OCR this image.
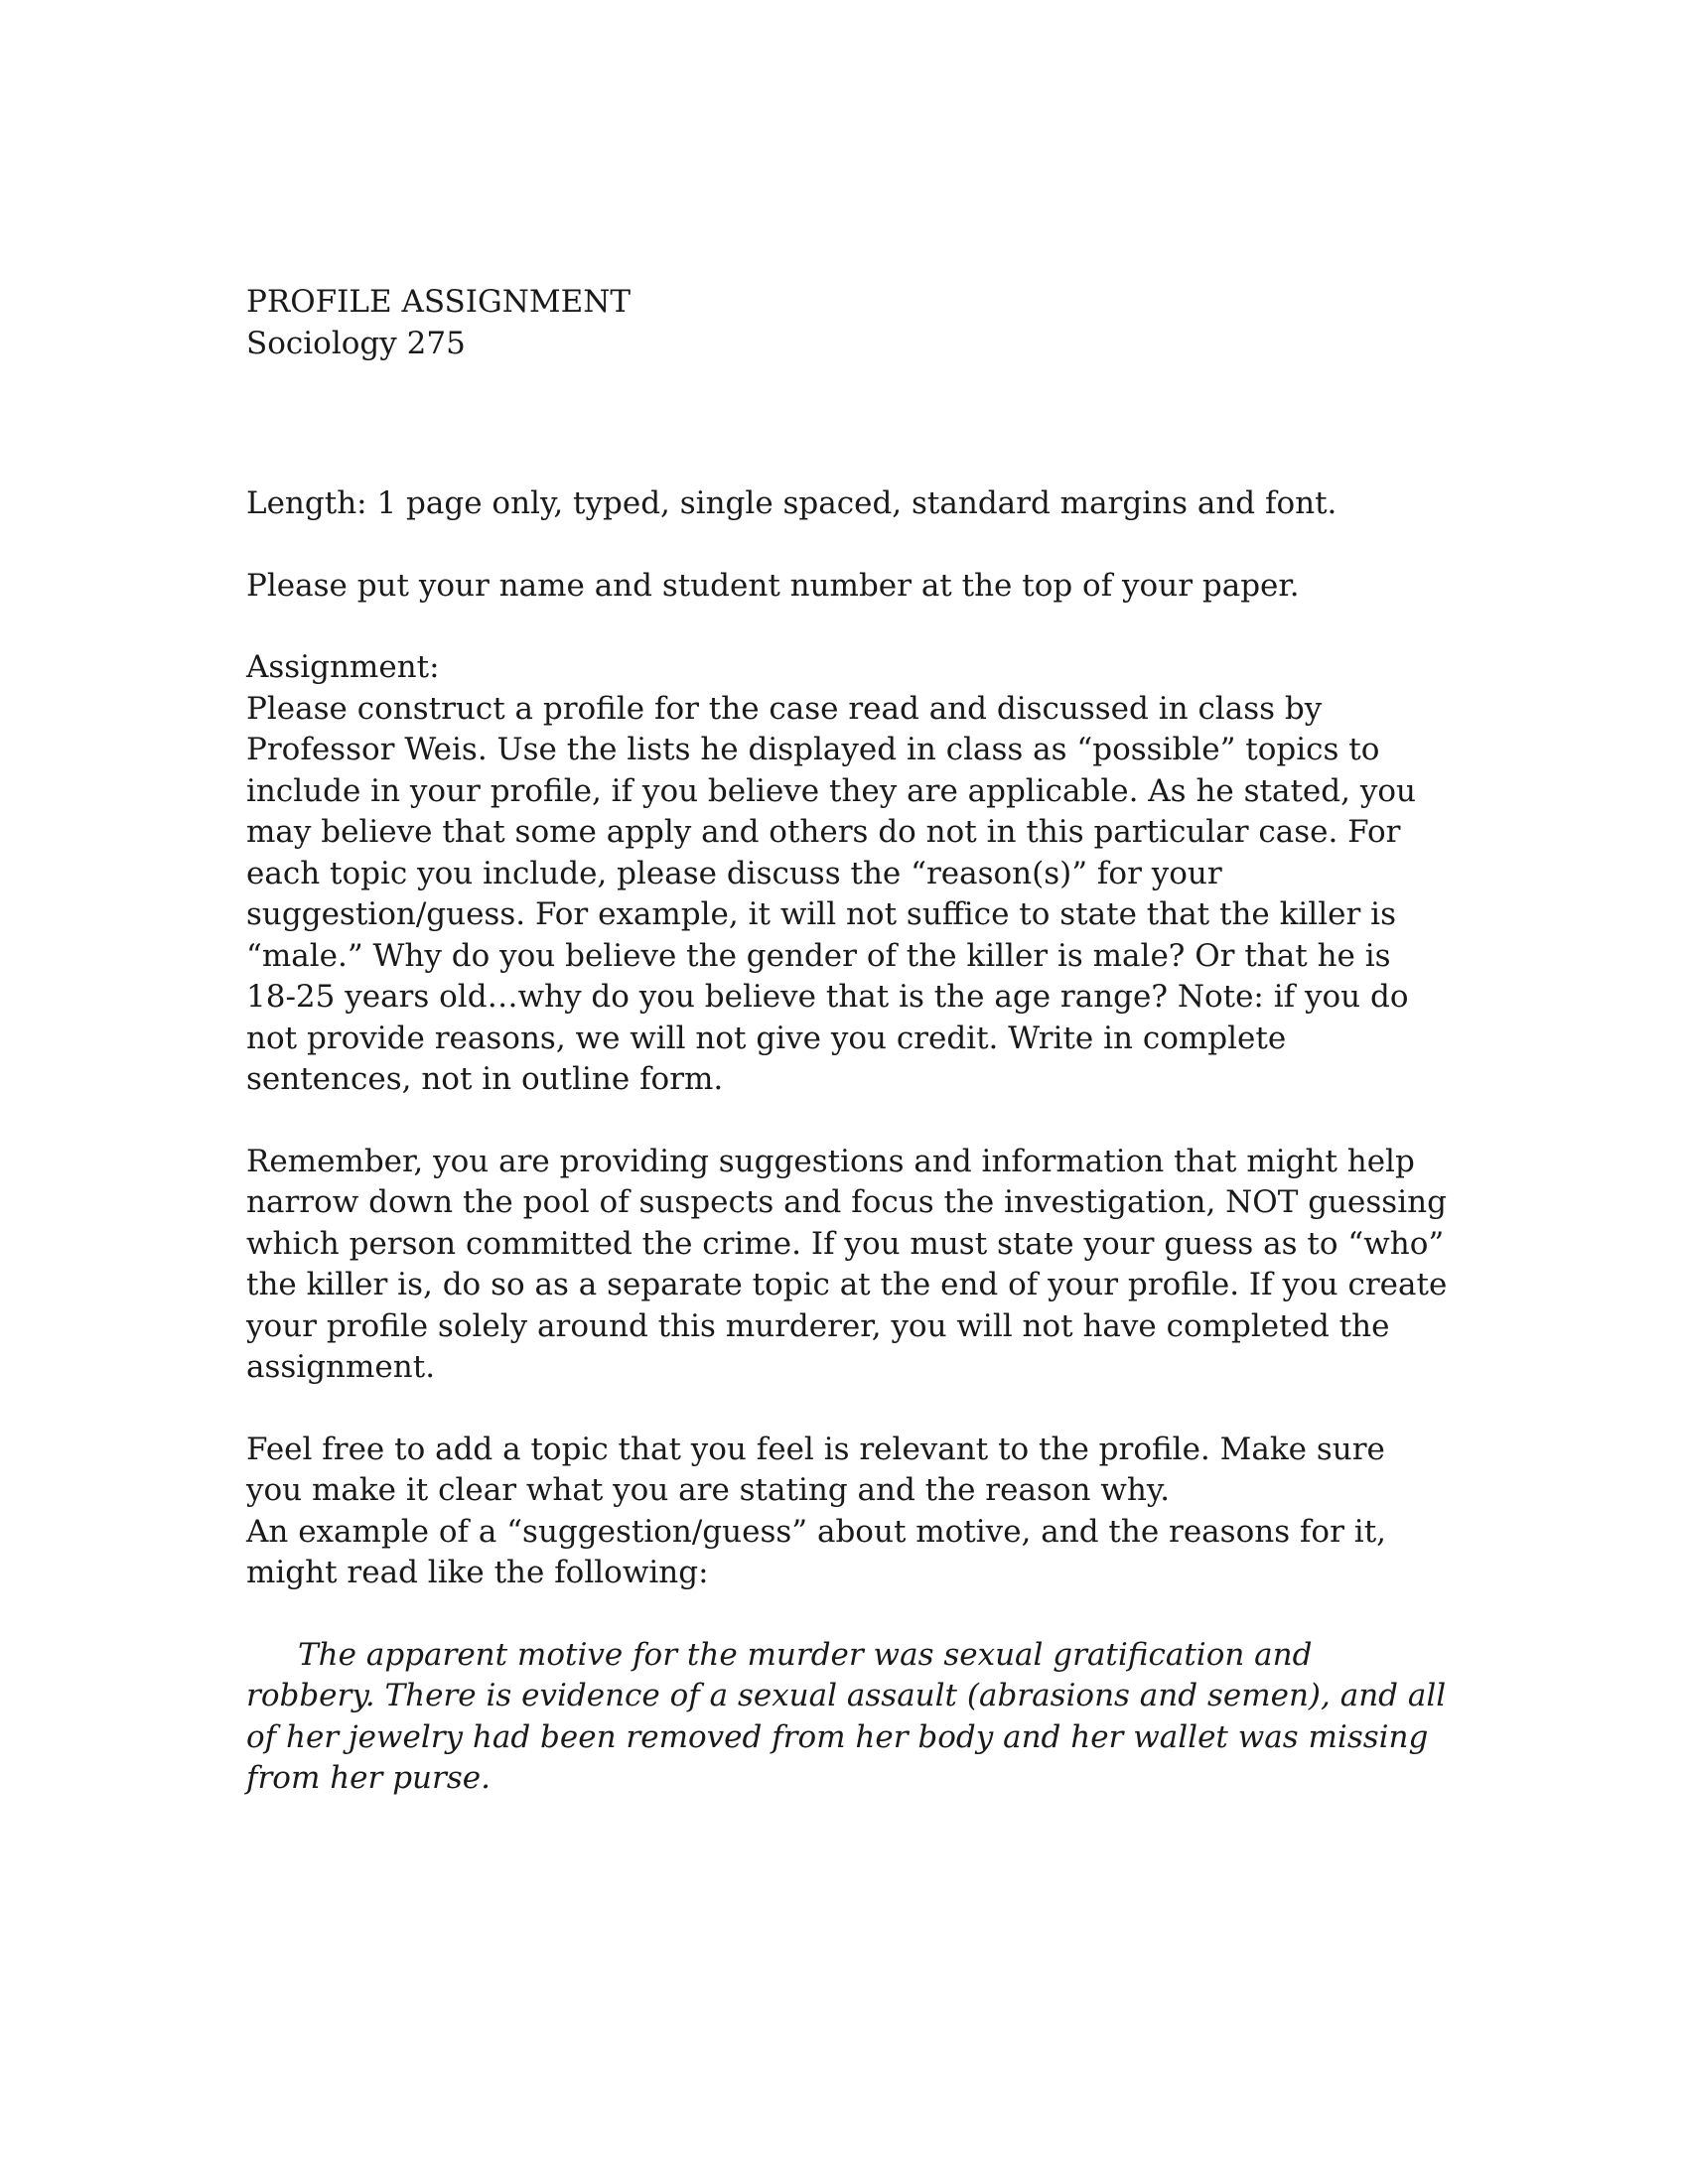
PROFILE ASSIGNMENT

Sociology 275

Length: 1 page only, typed, single spaced, standard margins and font.

Please put your name and student number at the top of your paper.

Assignment:

Please construct a profile for the case read and discussed in class by Professor Weis. Use the lists he displayed in class as “possible” topics to include in your profile, if you believe they are applicable. As he stated, you may believe that some apply and others do not in this particular case. For each topic you include, please discuss the “reason(s)” for your suggestion/guess. For example, it will not suffice to state that the killer is “male.” Why do you believe the gender of the killer is male? Or that he is 18-25 years old…why do you believe that is the age range? Note: if you do not provide reasons, we will not give you credit. Write in complete sentences, not in outline form.

Remember, you are providing suggestions and information that might help narrow down the pool of suspects and focus the investigation, NOT guessing which person committed the crime. If you must state your guess as to “who” the killer is, do so as a separate topic at the end of your profile. If you create your profile solely around this murderer, you will not have completed the assignment.

Feel free to add a topic that you feel is relevant to the profile. Make sure you make it clear what you are stating and the reason why.

An example of a “suggestion/guess” about motive, and the reasons for it, might read like the following:

The apparent motive for the murder was sexual gratification and robbery. There is evidence of a sexual assault (abrasions and semen), and all of her jewelry had been removed from her body and her wallet was missing from her purse.
